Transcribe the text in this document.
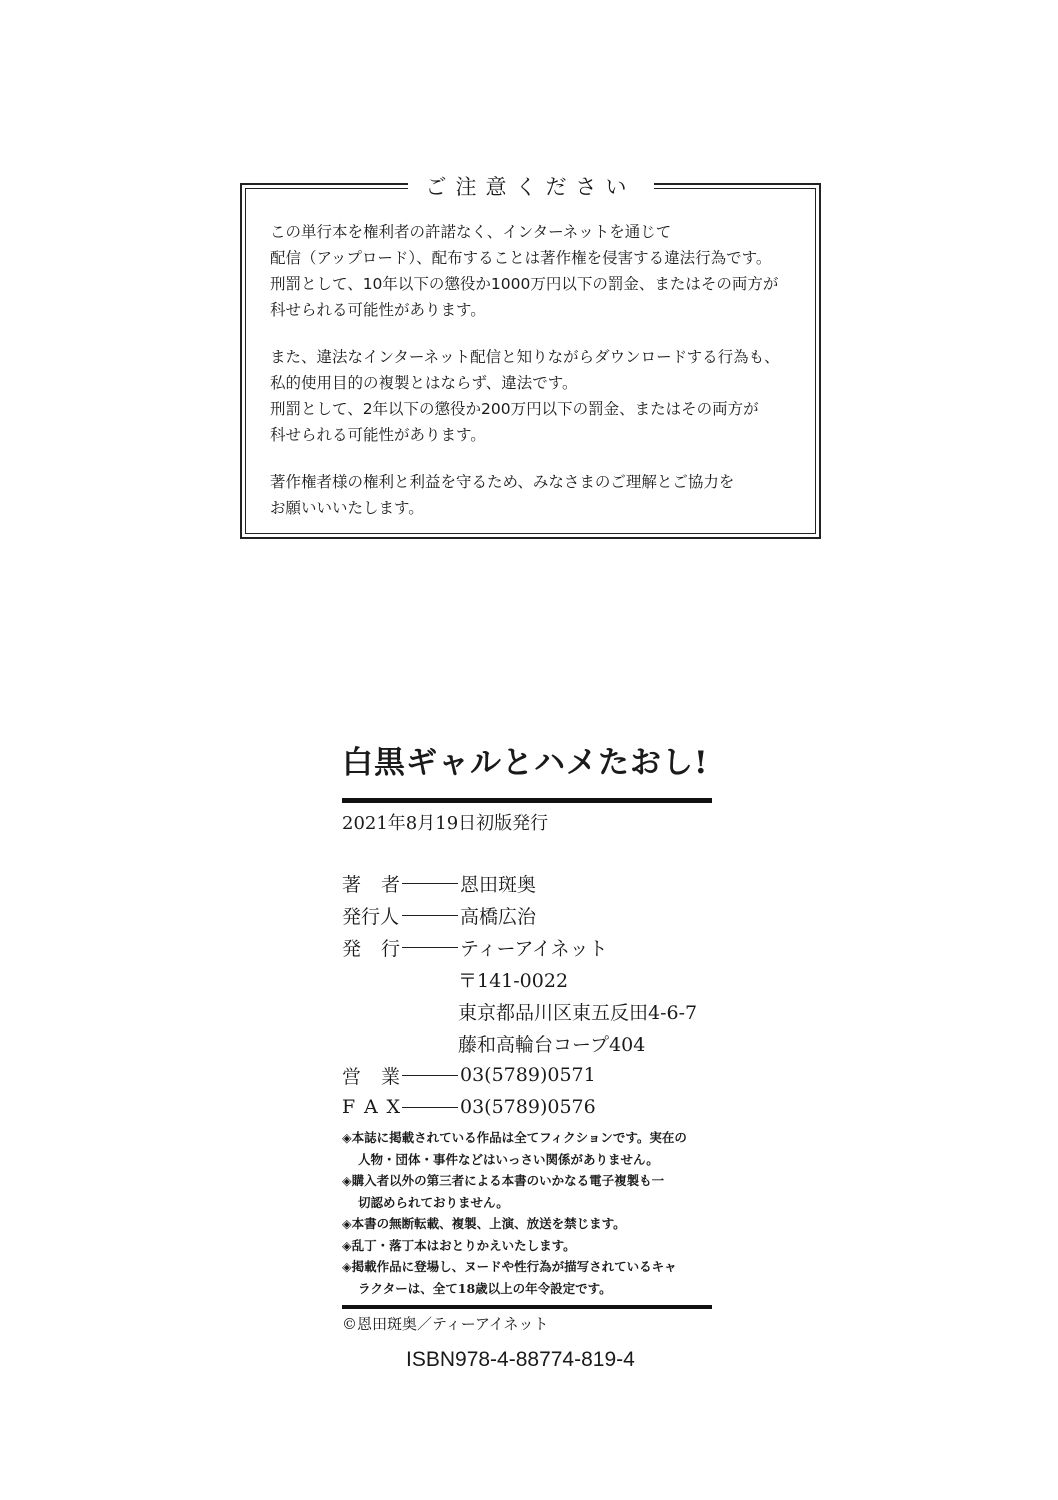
ご注意ください
この単行本を権利者の許諾なく、インターネットを通じて
配信（アップロード）、配布することは著作権を侵害する違法行為です。
刑罰として、10年以下の懲役か1000万円以下の罰金、またはその両方が
科せられる可能性があります。
また、違法なインターネット配信と知りながらダウンロードする行為も、
私的使用目的の複製とはならず、違法です。
刑罰として、2年以下の懲役か200万円以下の罰金、またはその両方が
科せられる可能性があります。
著作権者様の権利と利益を守るため、みなさまのご理解とご協力を
お願いいいたします。
白黒ギャルとハメたおし!
2021年8月19日初版発行
著 者	恩田斑奥
発行人	高橋広治
発 行	ティーアイネット
〒141-0022
東京都品川区東五反田4-6-7
藤和高輪台コープ404
営 業	03(5789)0571
F A X	03(5789)0576
◈本誌に掲載されている作品は全てフィクションです。実在の
人物・団体・事件などはいっさい関係がありません。
◈購入者以外の第三者による本書のいかなる電子複製も一
切認められておりません。
◈本書の無断転載、複製、上演、放送を禁じます。
◈乱丁・落丁本はおとりかえいたします。
◈掲載作品に登場し、ヌードや性行為が描写されているキャ
ラクターは、全て18歳以上の年令設定です。
©恩田斑奥／ティーアイネット
ISBN978-4-88774-819-4
